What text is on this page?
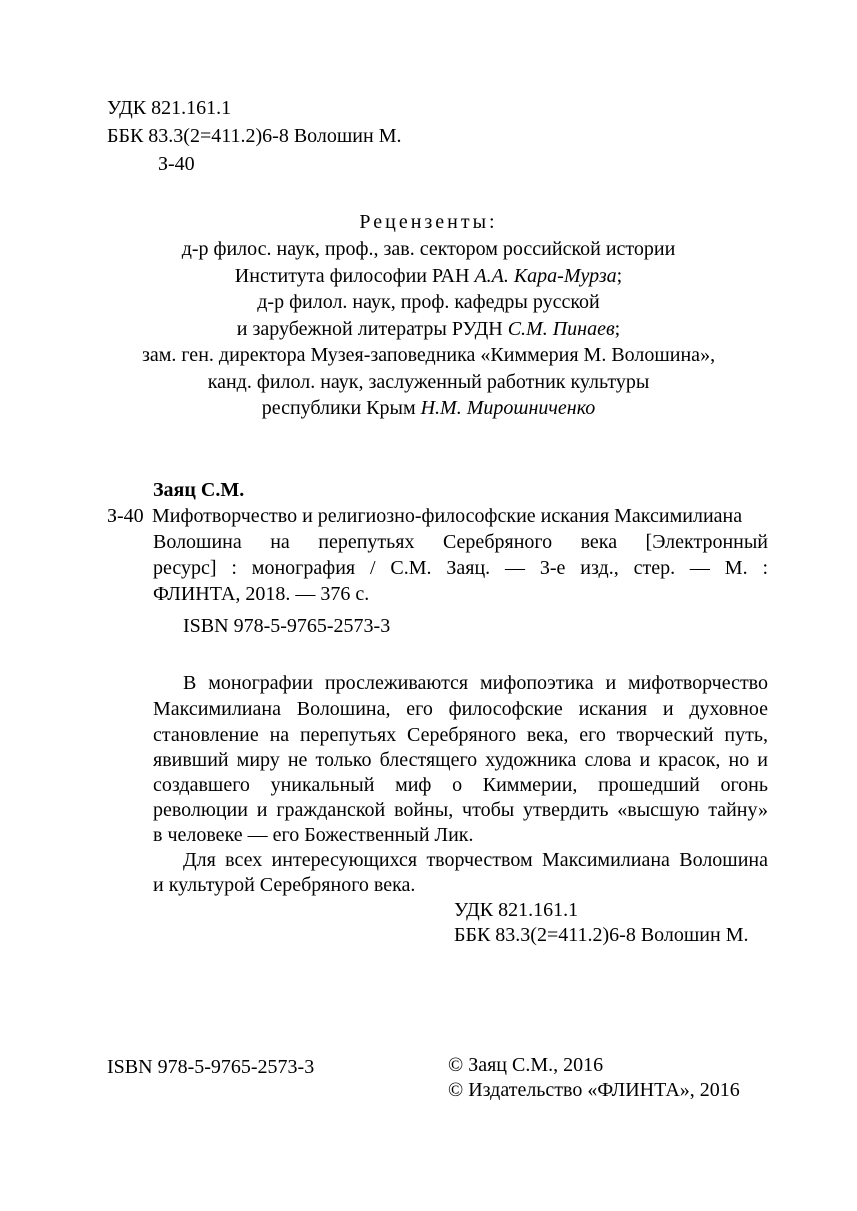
УДК 821.161.1
ББК 83.3(2=411.2)6-8 Волошин М.
З-40
Рецензенты:
д-р филос. наук, проф., зав. сектором российской истории
Института философии РАН А.А. Кара-Мурза;
д-р филол. наук, проф. кафедры русской
и зарубежной литератры РУДН С.М. Пинаев;
зам. ген. директора Музея-заповедника «Киммерия М. Волошина»,
канд. филол. наук, заслуженный работник культуры
республики Крым Н.М. Мирошниченко
Заяц С.М.
З-40 Мифотворчество и религиозно-философские искания Максимилиана
Волошина на перепутьях Серебряного века [Электронный
ресурс] : монография / С.М. Заяц. — 3-е изд., стер. — М. :
ФЛИНТА, 2018. — 376 с.
ISBN 978-5-9765-2573-3
В монографии прослеживаются мифопоэтика и мифотворчество
Максимилиана Волошина, его философские искания и духовное
становление на перепутьях Серебряного века, его творческий путь,
явивший миру не только блестящего художника слова и красок, но и
создавшего уникальный миф о Киммерии, прошедший огонь
революции и гражданской войны, чтобы утвердить «высшую тайну»
в человеке — его Божественный Лик.
Для всех интересующихся творчеством Максимилиана Волошина
и культурой Серебряного века.
УДК 821.161.1
ББК 83.3(2=411.2)6-8 Волошин М.
ISBN 978-5-9765-2573-3	© Заяц С.М., 2016
© Издательство «ФЛИНТА», 2016
